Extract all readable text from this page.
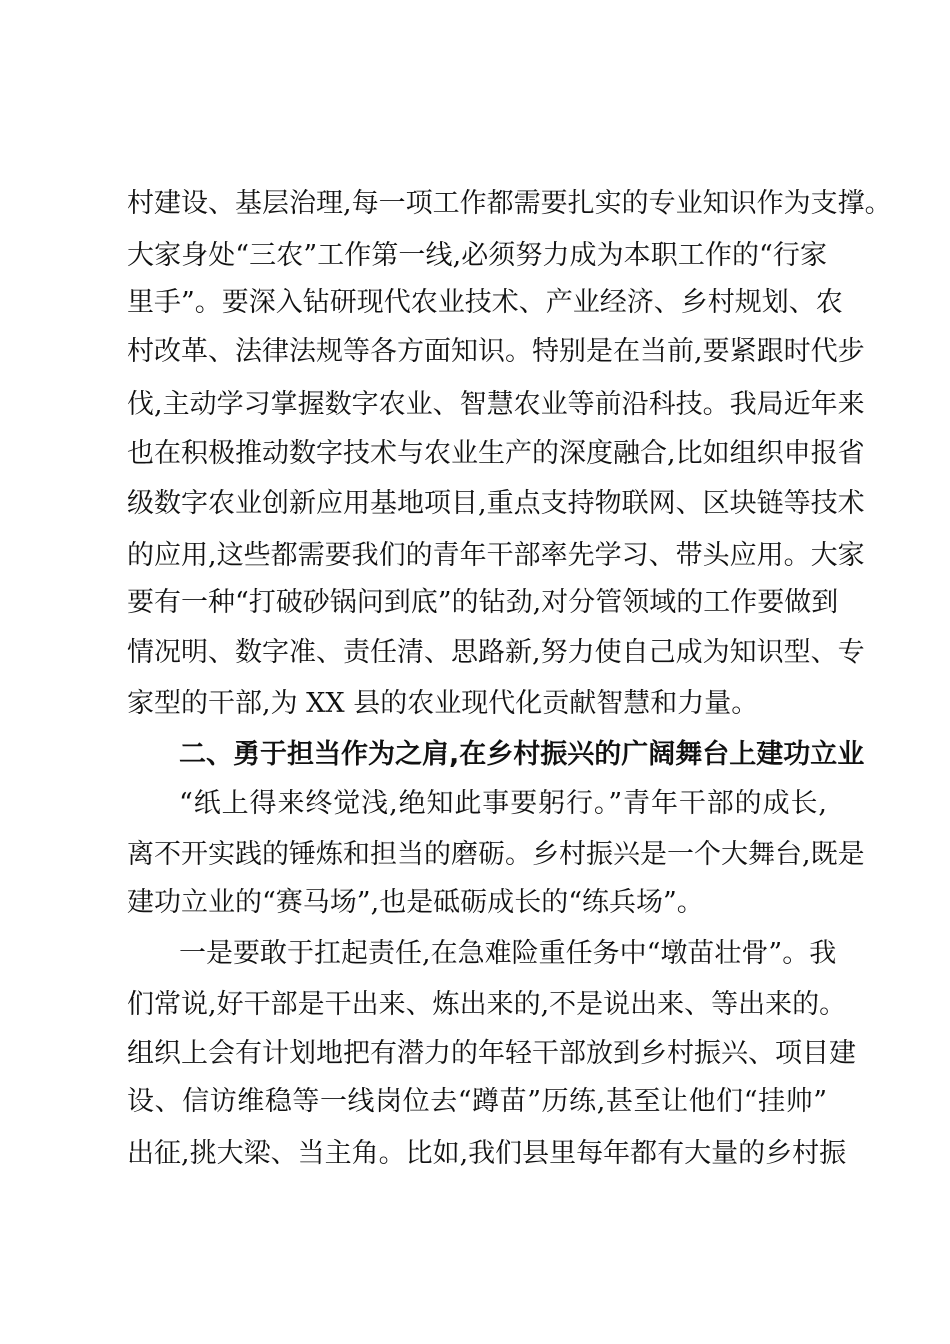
村建设、基层治理,每一项工作都需要扎实的专业知识作为支撑。
大家身处“三农”工作第一线,必须努力成为本职工作的“行家
里手”。要深入钻研现代农业技术、产业经济、乡村规划、农
村改革、法律法规等各方面知识。特别是在当前,要紧跟时代步
伐,主动学习掌握数字农业、智慧农业等前沿科技。我局近年来
也在积极推动数字技术与农业生产的深度融合,比如组织申报省
级数字农业创新应用基地项目,重点支持物联网、区块链等技术
的应用,这些都需要我们的青年干部率先学习、带头应用。大家
要有一种“打破砂锅问到底”的钻劲,对分管领域的工作要做到
情况明、数字准、责任清、思路新,努力使自己成为知识型、专
家型的干部,为 XX 县的农业现代化贡献智慧和力量。
二、勇于担当作为之肩,在乡村振兴的广阔舞台上建功立业
“纸上得来终觉浅,绝知此事要躬行。”青年干部的成长,
离不开实践的锤炼和担当的磨砺。乡村振兴是一个大舞台,既是
建功立业的“赛马场”,也是砥砺成长的“练兵场”。
一是要敢于扛起责任,在急难险重任务中“墩苗壮骨”。我
们常说,好干部是干出来、炼出来的,不是说出来、等出来的。
组织上会有计划地把有潜力的年轻干部放到乡村振兴、项目建
设、信访维稳等一线岗位去“蹲苗”历练,甚至让他们“挂帅”
出征,挑大梁、当主角。比如,我们县里每年都有大量的乡村振
